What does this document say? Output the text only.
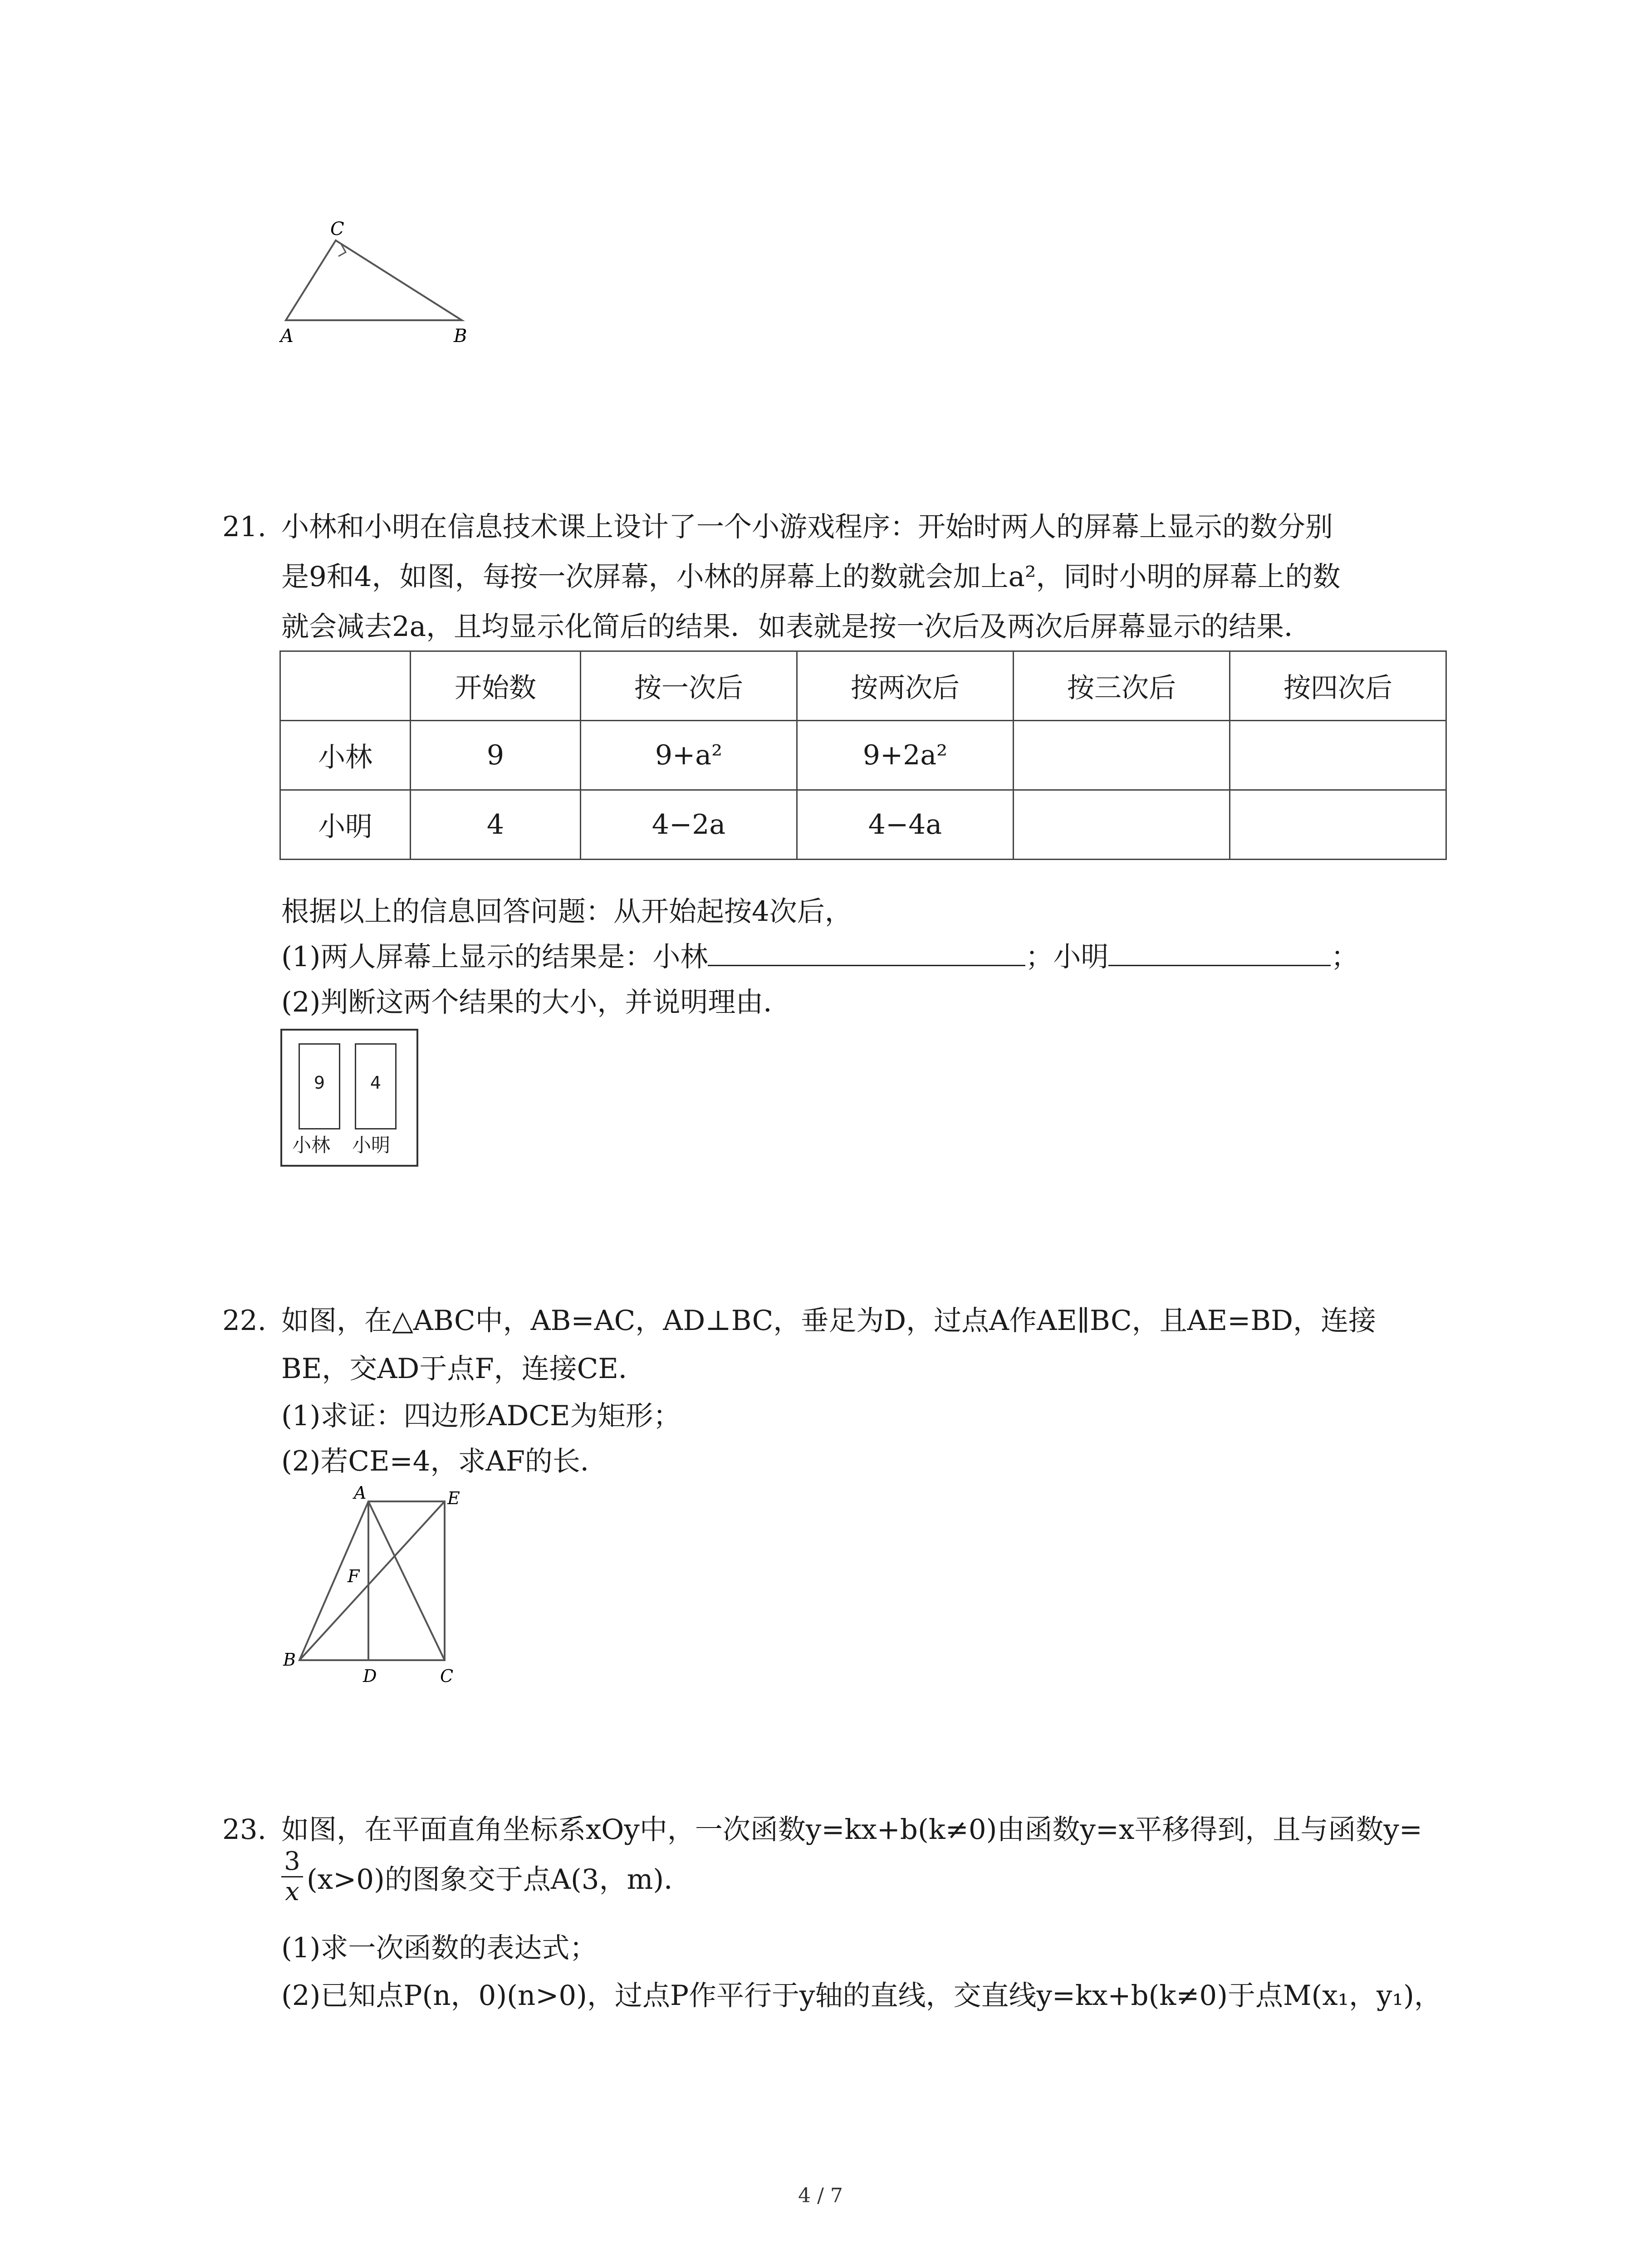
C
A	B
21. 小林和小明在信息技术课上设计了一个小游戏程序：开始时两人的屏幕上显示的数分别
是9和4，如图，每按一次屏幕，小林的屏幕上的数就会加上a²，同时小明的屏幕上的数
就会减去2a，且均显示化简后的结果．如表就是按一次后及两次后屏幕显示的结果．
	开始数	按一次后	按两次后	按三次后	按四次后
小林	9	9+a²	9+2a²		
小明	4	4−2a	4−4a		
根据以上的信息回答问题：从开始起按4次后，
(1)两人屏幕上显示的结果是：小林	；小明	；
(2)判断这两个结果的大小，并说明理由．
9	4
小林 小明
22. 如图，在△ABC中，AB=AC，AD⊥BC，垂足为D，过点A作AE∥BC，且AE=BD，连接
BE，交AD于点F，连接CE．
(1)求证：四边形ADCE为矩形；
(2)若CE=4，求AF的长．
A	E
F
B
D	C
23. 如图，在平面直角坐标系xOy中，一次函数y=kx+b(k≠0)由函数y=x平移得到，且与函数y=
$\frac{3}{x} (x>0)$的图象交于点A(3，m)．
(1)求一次函数的表达式；
(2)已知点P(n，0)(n>0)，过点P作平行于y轴的直线，交直线y=kx+b(k≠0)于点M(x₁，y₁)，
4 / 7
